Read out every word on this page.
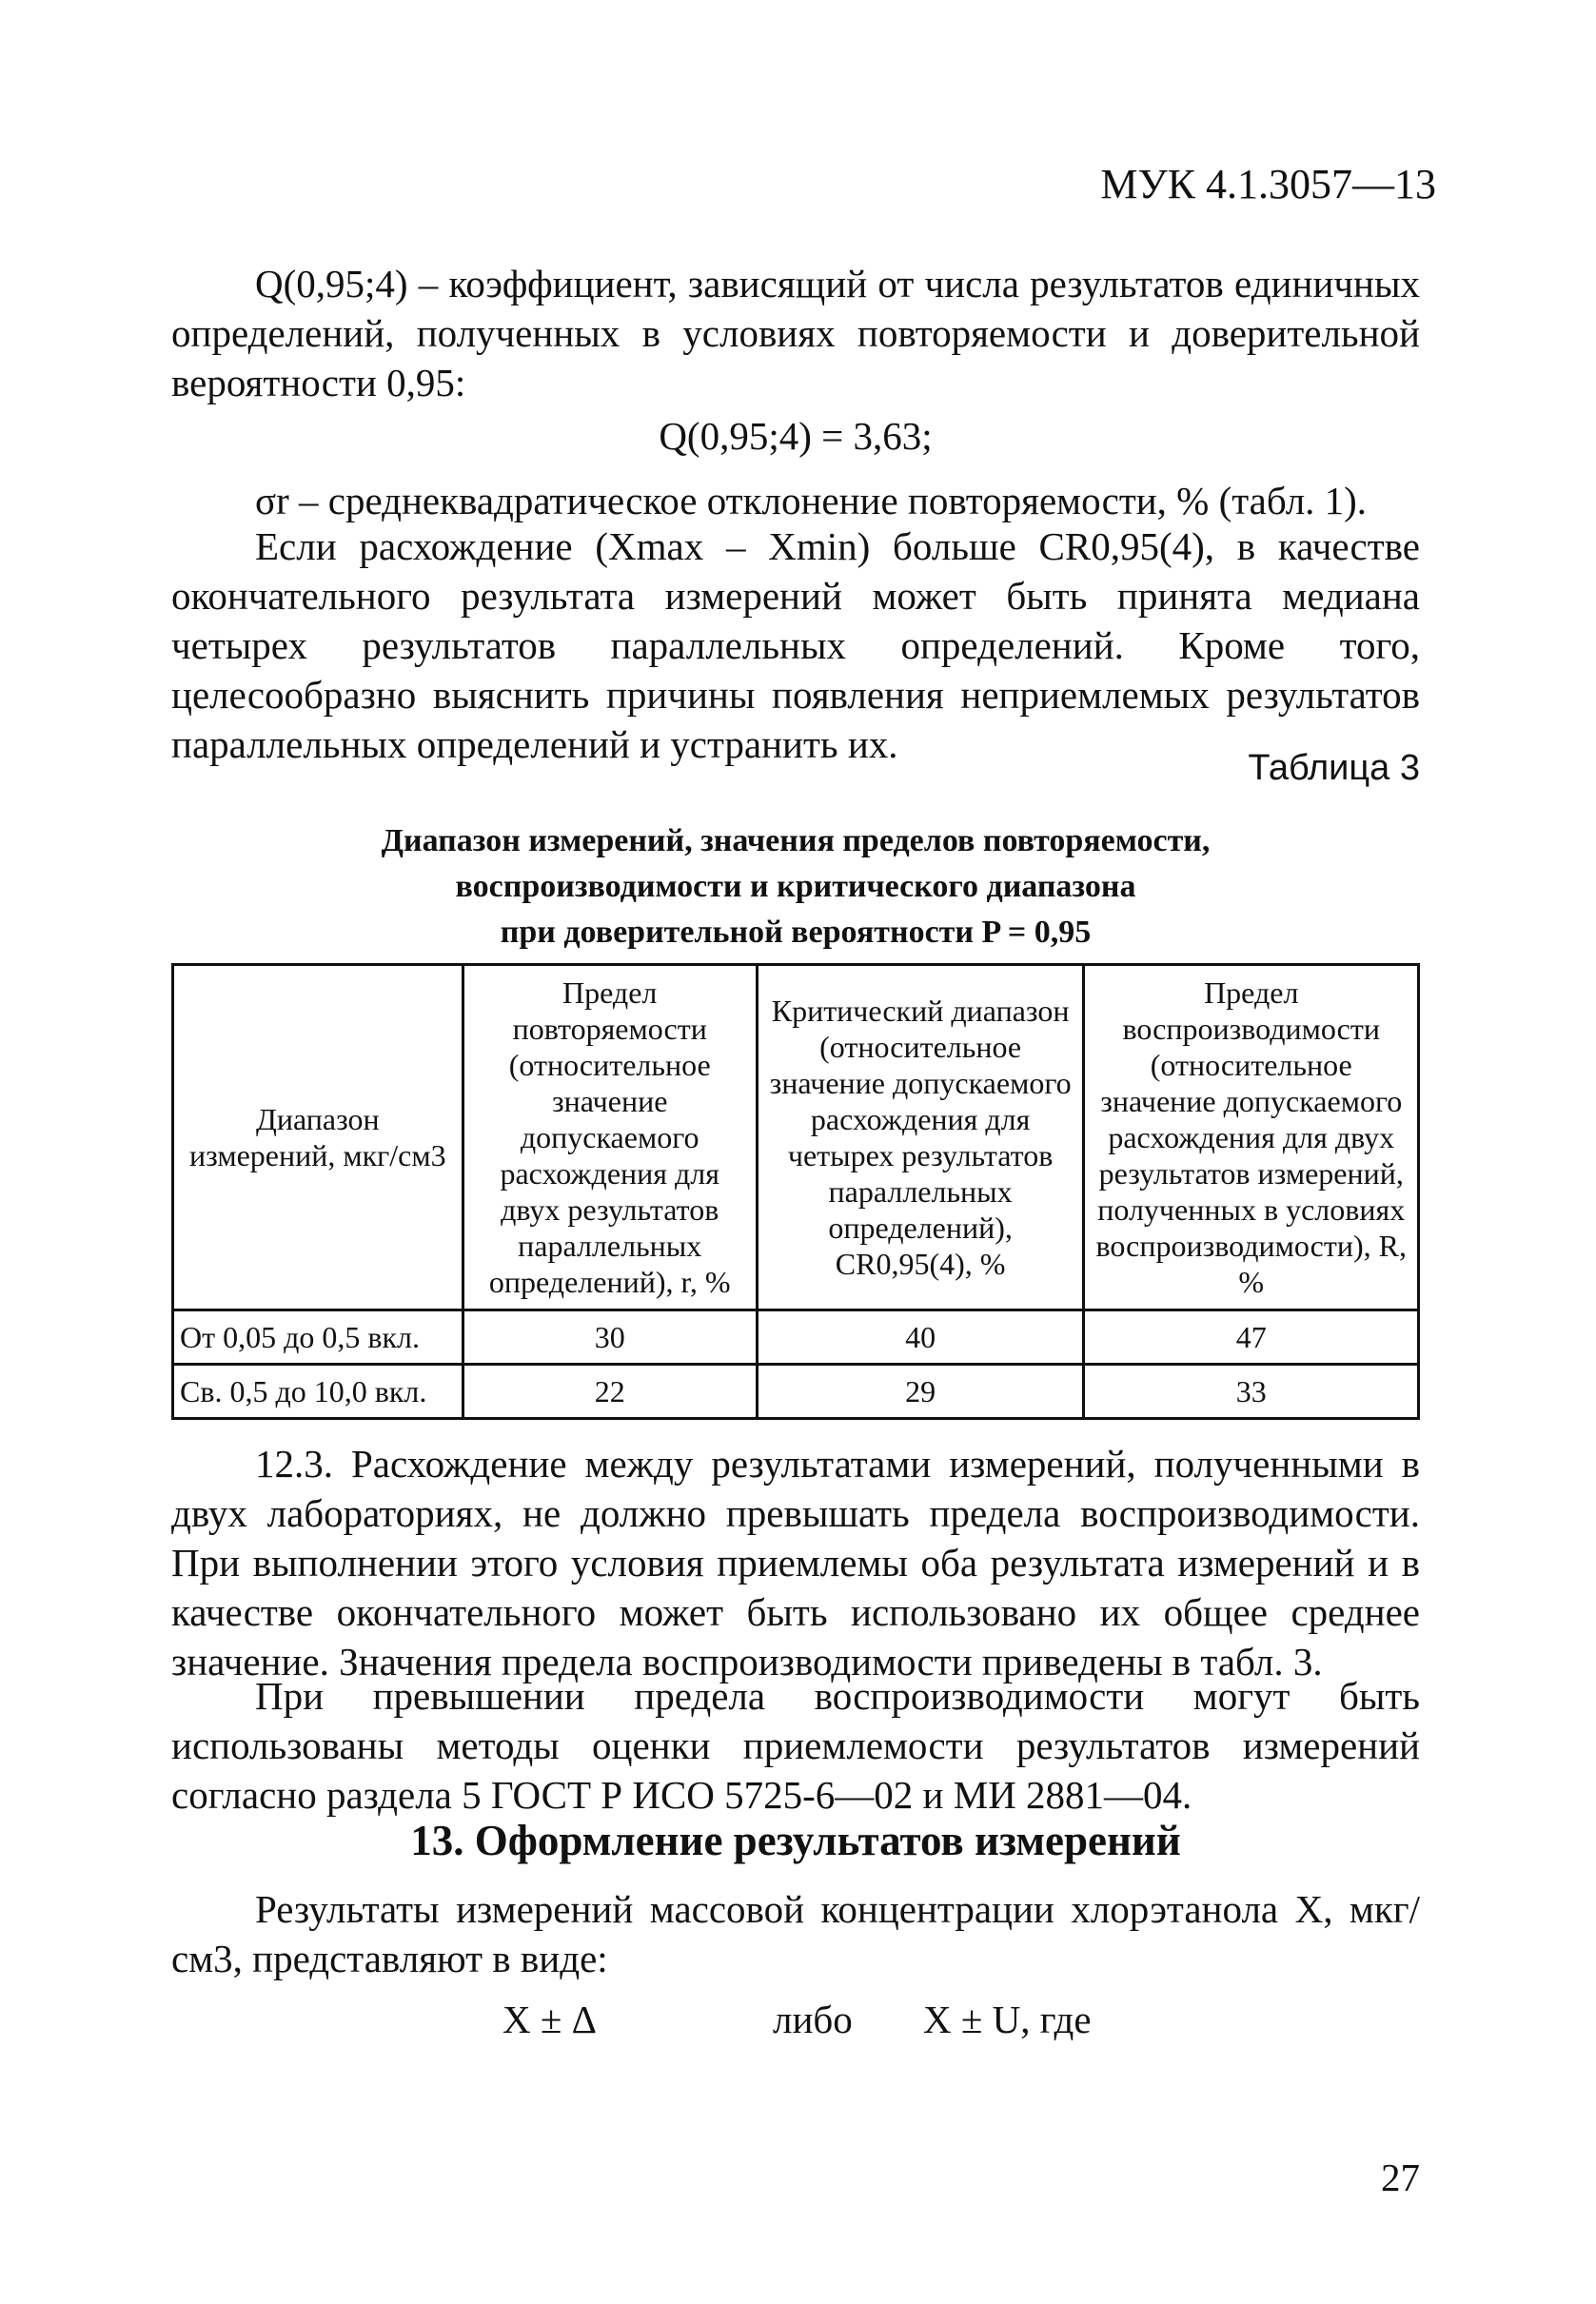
МУК 4.1.3057—13

Q(0,95;4) – коэффициент, зависящий от числа результатов единичных определений, полученных в условиях повторяемости и доверительной вероятности 0,95:

Q(0,95;4) = 3,63;

σr – среднеквадратическое отклонение повторяемости, % (табл. 1).

Если расхождение (Xmax – Xmin) больше CR0,95(4), в качестве окончательного результата измерений может быть принята медиана четырех результатов параллельных определений. Кроме того, целесообразно выяснить причины появления неприемлемых результатов параллельных определений и устранить их.

Таблица 3
Диапазон измерений, значения пределов повторяемости,
воспроизводимости и критического диапазона
при доверительной вероятности P = 0,95
Диапазон измерений, мкг/см3	Предел повторяемости (относительное значение допускаемого расхождения для двух результатов параллельных определений), r, %	Критический диапазон (относительное значение допускаемого расхождения для четырех результатов параллельных определений), CR0,95(4), %	Предел воспроизводимости (относительное значение допускаемого расхождения для двух результатов измерений, полученных в условиях воспроизводимости), R, %
От 0,05 до 0,5 вкл.	30	40	47
Св. 0,5 до 10,0 вкл.	22	29	33

12.3. Расхождение между результатами измерений, полученными в двух лабораториях, не должно превышать предела воспроизводимости. При выполнении этого условия приемлемы оба результата измерений и в качестве окончательного может быть использовано их общее среднее значение. Значения предела воспроизводимости приведены в табл. 3.

При превышении предела воспроизводимости могут быть использованы методы оценки приемлемости результатов измерений согласно раздела 5 ГОСТ Р ИСО 5725-6—02 и МИ 2881—04.

13. Оформление результатов измерений

Результаты измерений массовой концентрации хлорэтанола X, мкг/см3, представляют в виде:

X ± Δ	либо X ± U, где
27
